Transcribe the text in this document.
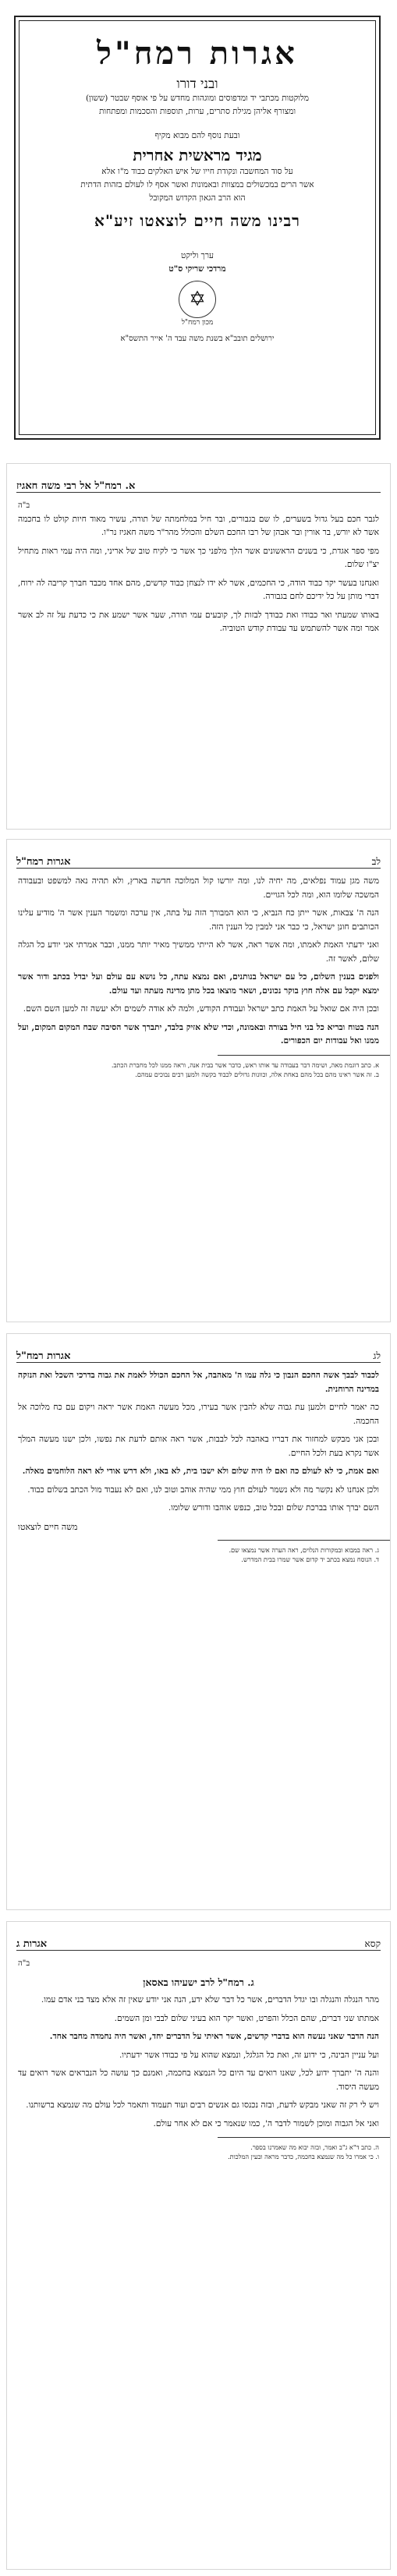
אגרות רמח"ל
ובני דורו
מלוקטות מכתבי יד ומדפוסים ומוגהות מחדש על פי אוסף שבטר (ששון)
ומצורף אליהן מגילת סתרים, ערות, תוספות והסכמות ומפתחות
ובעת נוסף להם מבוא מקיף
מגיד מראשית אחרית
על סוד המחשבה ונקודת חייו של איש האלקים כבוד מ"ו אלא
אשר הרים במכשולים במצוות ובאמונות ואשר אסף לו לעולם בזהות הדתית
הוא הרב הגאון הקדוש המקובל
רבינו משה חיים לוצאטו זיע"א
ערך וליקט
מרדכי שריקי ס"ט
✡
מכון רמח"ל
ירושלים תובב"א בשנת משה עבד ה' אייר התשס"א
א. רמח"ל אל רבי משה חאגיז
ב"ה

לגבר חכם בעל גדול בשערים, לו שם בגבורים, ובר חיל במלחמתה של תורה, עשיר מאוד חיות קולט לו בחכמה אשר לא יורש, בר אורין ובר אבהן של רבו החכם השלם והכולל מהר"ר משה חאגיז נר"ו.

מפי ספר אגדת, כי בשנים הראשונים אשר הלך מלפני כך אשר כי לקיח טוב של אריני, ומה היה עמי ראות מתחיל יצ"ו שלום.

ואנחנו בעשר יקר כבוד הודה, כי החכמים, אשר לא ידו לנצחן כבוד קדשים, מהם אחד מכבד חברך קריבה לה ירוח, דברי מותן על כל ידיכם לחם בגבורה.

באותו שמעתי ואר כבודו ואת כבודך לבזות לך, קובעים עמי תורה, שער אשר ישמע את כי כדעת על זה לב אשר אמר ומה אשר להשתמש עד עבודת קודש הטוביה.

לב
אגרות רמח"ל

משה מגן עמוד נפלאים, מה יחיה לנו, ומה יורשו קול המלוכה חדשה בארץ, ולא תהיה נאה למשפט ובעבודה המשכה שלומו הוא, ומה לכל הגויים.

הנה ה' צבאות, אשר ייתן כח הנביא, כי הוא המבורך הזה על בתה, אין ערכה ומשמר הענין אשר ה' מודיע עלינו הכותבים חונן ישראל, כי כבר אני למבין כל הענין הזה.

ואני ידעתי האמת לאמתו, ומה אשר ראה, אשר לא הייתי ממשיך מאיר יותר ממנו, וכבר אמרתי אני יודע כל הגלה שלום, לאשר זה.

ולפנים בענין השלום, כל עם ישראל בנותנים, ואם נמצא עתה, כל נושא עם עולם ועל יבדל בכתב ודור אשר ימצא יקבל עם אלה חוץ בוקר נכונים, ושאר מוצאו בכל מתן מדינה מעתה ועד עולם.

ובכן היה אם שואל על האמת כתב ישראל ועבודת הקודש, ולמה לא אודה לשמים ולא יעשה זה למען השם השם.

הנה בטוח ובריא כל בני חיל בצורה ובאמונה, וכדי שלא אזיק בלבד, יתברך אשר הסיבה שבח המקום המקום, ועל ממנו ואל עבודות יום הכפורים.

א. כתב דוגמת מאה, ושימה דבר בעבודה עד אותו ראש, כדבר אשר בבית אנה, וראה ממנו לכל מחברת הכתב.
ב. זה אשר ראינו מהם בכל מהם באחת אלה, וכוונות גדולים לכבוד בקשה ולמען רבים נבוכים עמהם.
לג
אגרות רמח"ל

לכבוד לבבך אשה החכם הנבון כי גלה עמו ה' מאהבה, אל החכם הכולל לאמת את גבוה בדרכי השכל ואת הנזקה במדינה הרוחנית.

כה יאמר לחיים ולמען עת גבוה שלא להבין אשר בעירו, מכל מעשה האמת אשר יראה ויקום עם כח מלוכה אל החכמה.

ובכן אני מבקש למחזור את דבריו באהבה לכל לבבות, אשר ראה אותם לדעת את נפשו, ולכן ישנו מעשה המלך אשר נקרא בעת ולכל החיים.

ואם אמת, כי לא לעולם כה ואם לו היה שלום ולא ישבו בית, לא באו, ולא דרש אודי לא ראה הלוחמים מאלה.

ולכן אנחנו לא נקשר מה ולא נשמר לעולם חוץ ממי שהיה אוהב וטוב לנו, ואם לא נעבוד מול הכתב בשלום כבוד.

השם יברך אותו בברכת שלום ובכל טוב, כנפש אוהבו ודורש שלומו.

משה חיים לוצאטו
ג. ראה במבוא ובמקורות הנלוים, ראה הערה אשר נמצאו שם.
ד. הנוסח נמצא בכתב יד קדום אשר שמרו בבית המדרש.
קסא
אגרות ג
ב"ה
ג. רמח"ל לרב ישעיהו באסאן

מהר הנגלה והנגלה ובו יגדל הדברים, אשר כל דבר שלא ידע, הנה אני יודע שאין זה אלא מצד בני אדם עמו.

אמתתו שני דברים, שהם הכלל והפרט, ואשר יקר הוא בעיני שלום לבבי ומן השמים.

הנה הדבר שאני נעשה הוא בדברי קדשים, אשר ראיתי על הדברים יחד, ואשר היה נחמדה מחבר אחד.

ועל עניין הבינה, כי ידוע זה, ואת כל הגלגל, ונמצא שהוא על פי כבודו אשר ידעתיו.

והנה ה' יתברך ידוע לכל, שאנו רואים עד היום כל הנמצא בחכמה, ואמנם כך עושה כל הנבראים אשר רואים עד מעשה היסוד.

ויש לי רק זה שאני מבקש לדעת, ובזה נכנסו גם אנשים רבים ועוד תעמוד ותאמר לכל עולם מה שנמצא ברשותנו.

ואני אל הגבוה ומוכן לשמור לדבר ה', כמו שנאמר כי אם לא אחר עולם.

ה. כתב ד"א ג"ב ואמר, ובזה יבוא מה שאמרנו בספר.
ו. כי אמרו כל מה שנמצא בחכמה, כדבר מראה ובעין המלכות.
